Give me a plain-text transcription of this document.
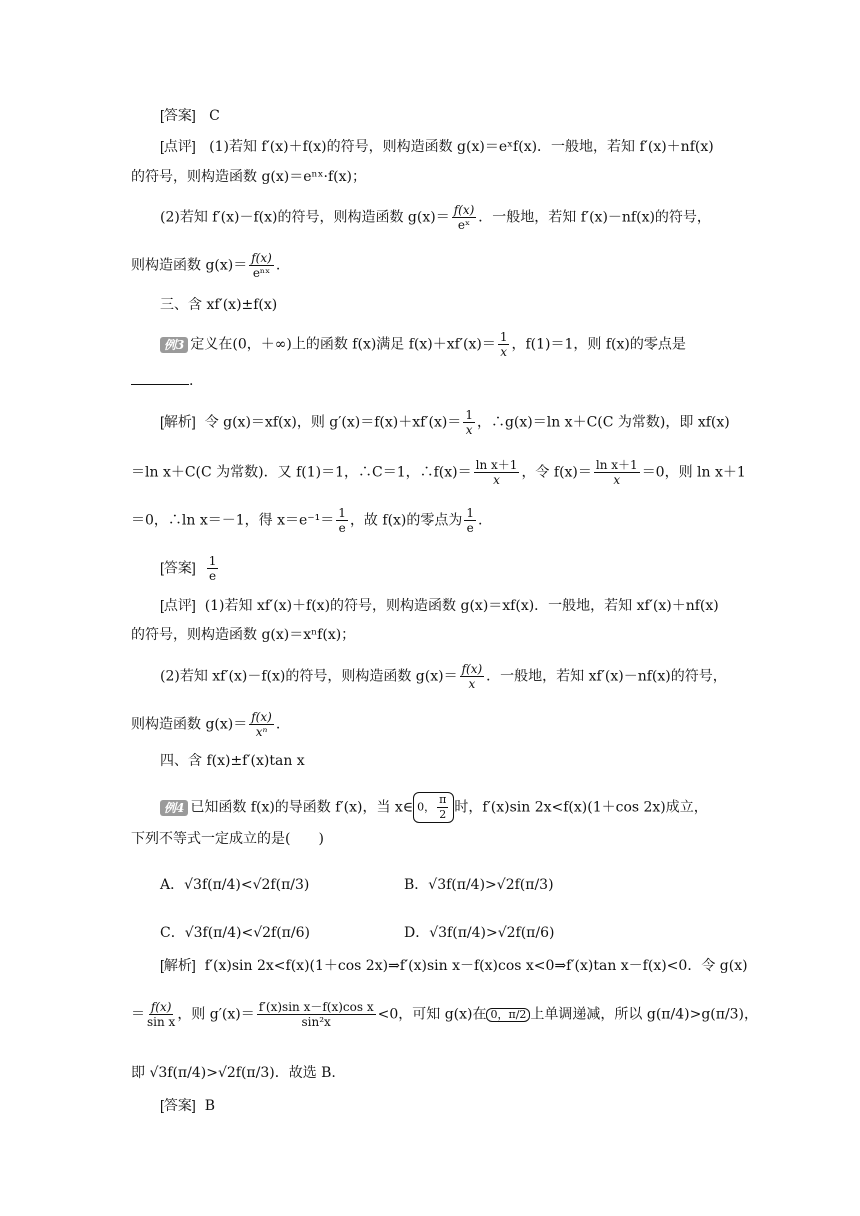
[答案] C
[点评] (1)若知 f′(x)＋f(x)的符号，则构造函数 g(x)＝eˣf(x)．一般地，若知 f′(x)＋nf(x)
的符号，则构造函数 g(x)＝eⁿˣ·f(x)；
(2)若知 f′(x)－f(x)的符号，则构造函数 $g(x)= \frac{f(x)}{\text{eˣ}}$ ．一般地，若知 f′(x)－nf(x)的符号，
则构造函数 $g(x)= \frac{f(x)}{\text{eⁿˣ}}$ .
三、含 xf′(x)±f(x)
例3 定义在(0，＋∞)上的函数 f(x)满足 $f(x)+xf'(x)= \frac{1}{x}$ ，f(1)＝1，则 f(x)的零点是
.
[解析] 令 g(x)＝xf(x)，则 $g'(x)=f(x)+xf'(x)= \frac{1}{x}$ ，∴g(x)＝ln x＋C(C 为常数)，即 xf(x)
＝ln x＋C(C 为常数)．又 f(1)＝1，∴C＝1，∴f(x)＝ $\frac{\text{ln x＋1}}{x}$ ，令 $f(x)= \frac{\text{ln x＋1}}{x} =0$，则 ln x＋1
＝0，∴ln x＝－1，得 $x=e^{-1}= \frac{1}{e}$ ，故 f(x)的零点为 $\frac{1}{e}$ .
[答案] $\frac{1}{e}$
[点评] (1)若知 xf′(x)＋f(x)的符号，则构造函数 g(x)＝xf(x)．一般地，若知 xf′(x)＋nf(x)
的符号，则构造函数 g(x)＝xⁿf(x)；
(2)若知 xf′(x)－f(x)的符号，则构造函数 $g(x)= \frac{f(x)}{x}$ ．一般地，若知 xf′(x)－nf(x)的符号，
则构造函数 $g(x)= \frac{f(x)}{\text{xⁿ}}$ .
四、含 f(x)±f′(x)tan x
例4 已知函数 f(x)的导函数 f′(x)，当 x∈ 0， $\frac{\pi}{2}$ 时，f′(x)sin 2x<f(x)(1＋cos 2x)成立，
下列不等式一定成立的是(　　)
A．√3f(π/4)<√2f(π/3)	B．√3f(π/4)>√2f(π/3)
C．√3f(π/4)<√2f(π/6)	D．√3f(π/4)>√2f(π/6)
[解析] f′(x)sin 2x<f(x)(1＋cos 2x)⇒f′(x)sin x－f(x)cos x<0⇒f′(x)tan x－f(x)<0．令 g(x)
＝ $\frac{f(x)}{\text{sin x}}$ ，则 $g'(x)= \frac{\text{f′(x)sin x－f(x)cos x}}{\text{sin²x}} <0$，可知 g(x)在 0，π/2 上单调递减，所以 g(π/4)>g(π/3)，
即 √3f(π/4)>√2f(π/3)．故选 B.
[答案] B
